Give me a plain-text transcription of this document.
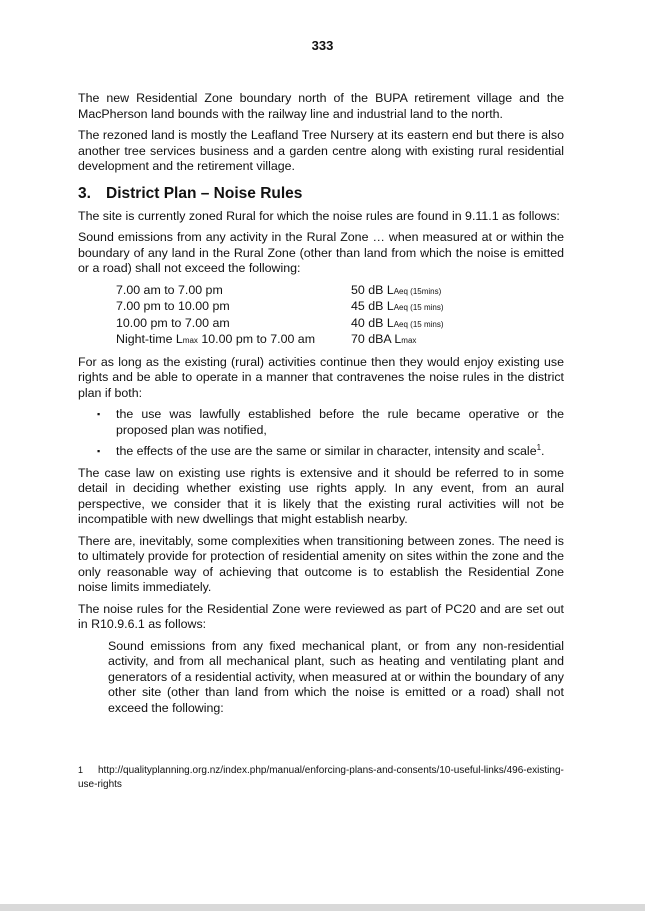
333

The new Residential Zone boundary north of the BUPA retirement village and the MacPherson land bounds with the railway line and industrial land to the north.

The rezoned land is mostly the Leafland Tree Nursery at its eastern end but there is also another tree services business and a garden centre along with existing rural residential development and the retirement village.

3. District Plan – Noise Rules

The site is currently zoned Rural for which the noise rules are found in 9.11.1 as follows:

Sound emissions from any activity in the Rural Zone … when measured at or within the boundary of any land in the Rural Zone (other than land from which the noise is emitted or a road) shall not exceed the following:

7.00 am to 7.00 pm	50 dB LAeq (15mins)
7.00 pm to 10.00 pm	45 dB LAeq (15 mins)
10.00 pm to 7.00 am	40 dB LAeq (15 mins)
Night-time Lmax 10.00 pm to 7.00 am	70 dBA Lmax

For as long as the existing (rural) activities continue then they would enjoy existing use rights and be able to operate in a manner that contravenes the noise rules in the district plan if both:

▪ the use was lawfully established before the rule became operative or the proposed plan was notified,
▪ the effects of the use are the same or similar in character, intensity and scale$^1$.

The case law on existing use rights is extensive and it should be referred to in some detail in deciding whether existing use rights apply. In any event, from an aural perspective, we consider that it is likely that the existing rural activities will not be incompatible with new dwellings that might establish nearby.

There are, inevitably, some complexities when transitioning between zones. The need is to ultimately provide for protection of residential amenity on sites within the zone and the only reasonable way of achieving that outcome is to establish the Residential Zone noise limits immediately.

The noise rules for the Residential Zone were reviewed as part of PC20 and are set out in R10.9.6.1 as follows:

Sound emissions from any fixed mechanical plant, or from any non-residential activity, and from all mechanical plant, such as heating and ventilating plant and generators of a residential activity, when measured at or within the boundary of any other site (other than land from which the noise is emitted or a road) shall not exceed the following:

1 http://qualityplanning.org.nz/index.php/manual/enforcing-plans-and-consents/10-useful-links/496-existing-use-rights
